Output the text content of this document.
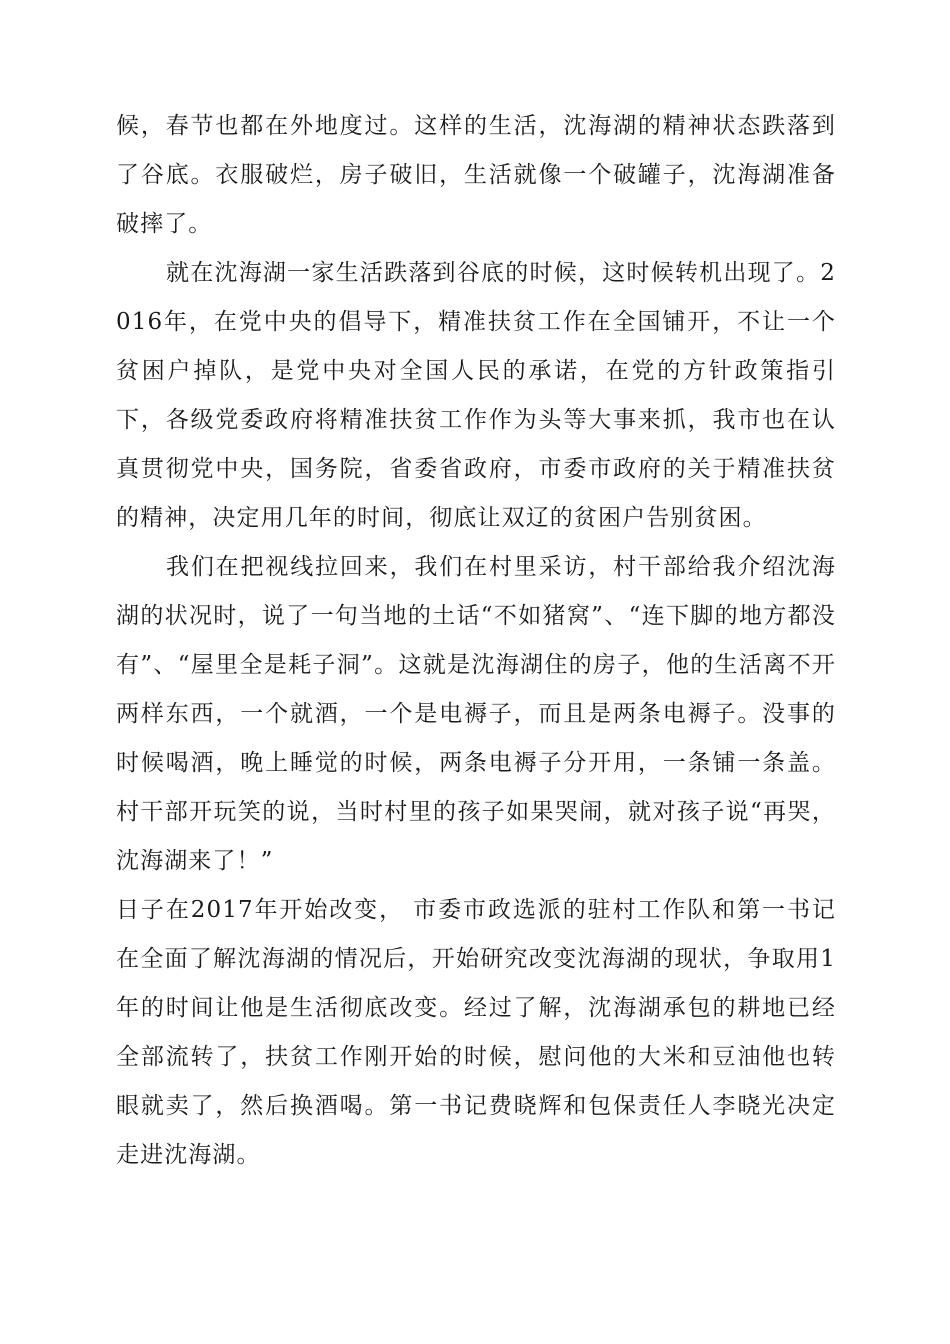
候，春节也都在外地度过。这样的生活，沈海湖的精神状态跌落到了谷底。衣服破烂，房子破旧，生活就像一个破罐子，沈海湖准备破摔了。

就在沈海湖一家生活跌落到谷底的时候，这时候转机出现了。2016年，在党中央的倡导下，精准扶贫工作在全国铺开，不让一个贫困户掉队，是党中央对全国人民的承诺，在党的方针政策指引下，各级党委政府将精准扶贫工作作为头等大事来抓，我市也在认真贯彻党中央，国务院，省委省政府，市委市政府的关于精准扶贫的精神，决定用几年的时间，彻底让双辽的贫困户告别贫困。

我们在把视线拉回来，我们在村里采访，村干部给我介绍沈海湖的状况时，说了一句当地的土话“不如猪窝”、“连下脚的地方都没有”、“屋里全是耗子洞”。这就是沈海湖住的房子，他的生活离不开两样东西，一个就酒，一个是电褥子，而且是两条电褥子。没事的时候喝酒，晚上睡觉的时候，两条电褥子分开用，一条铺一条盖。村干部开玩笑的说，当时村里的孩子如果哭闹，就对孩子说“再哭，沈海湖来了！”

日子在2017年开始改变， 市委市政选派的驻村工作队和第一书记在全面了解沈海湖的情况后，开始研究改变沈海湖的现状，争取用1年的时间让他是生活彻底改变。经过了解，沈海湖承包的耕地已经全部流转了，扶贫工作刚开始的时候，慰问他的大米和豆油他也转眼就卖了，然后换酒喝。第一书记费晓辉和包保责任人李晓光决定走进沈海湖。
